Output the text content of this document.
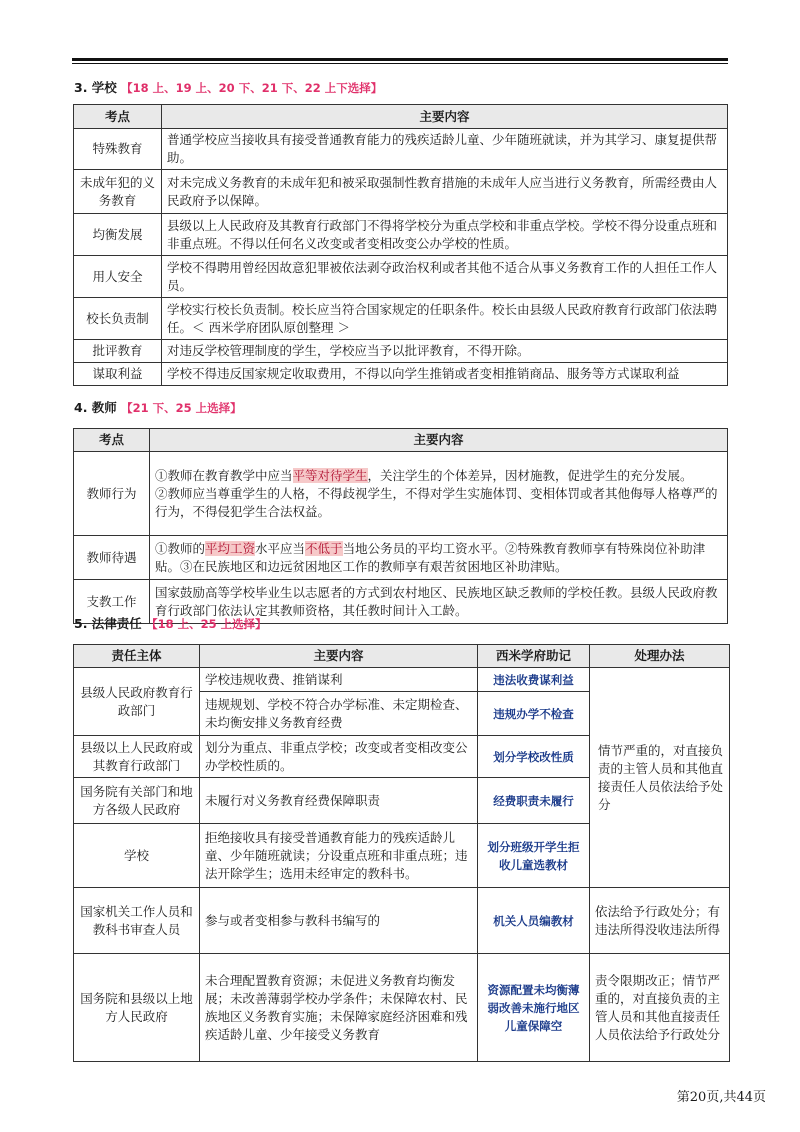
3. 学校 【18 上、19 上、20 下、21 下、22 上下选择】
考点	主要内容
特殊教育	普通学校应当接收具有接受普通教育能力的残疾适龄儿童、少年随班就读，并为其学习、康复提供帮助。
未成年犯的义务教育	对未完成义务教育的未成年犯和被采取强制性教育措施的未成年人应当进行义务教育，所需经费由人民政府予以保障。
均衡发展	县级以上人民政府及其教育行政部门不得将学校分为重点学校和非重点学校。学校不得分设重点班和非重点班。不得以任何名义改变或者变相改变公办学校的性质。
用人安全	学校不得聘用曾经因故意犯罪被依法剥夺政治权利或者其他不适合从事义务教育工作的人担任工作人员。
校长负责制	学校实行校长负责制。校长应当符合国家规定的任职条件。校长由县级人民政府教育行政部门依法聘任。＜ 西米学府团队原创整理 ＞
批评教育	对违反学校管理制度的学生，学校应当予以批评教育，不得开除。
谋取利益	学校不得违反国家规定收取费用，不得以向学生推销或者变相推销商品、服务等方式谋取利益
4. 教师 【21 下、25 上选择】
考点	主要内容
教师行为	①教师在教育教学中应当平等对待学生，关注学生的个体差异，因材施教，促进学生的充分发展。
②教师应当尊重学生的人格，不得歧视学生，不得对学生实施体罚、变相体罚或者其他侮辱人格尊严的行为，不得侵犯学生合法权益。

教师待遇	①教师的平均工资水平应当不低于当地公务员的平均工资水平。②特殊教育教师享有特殊岗位补助津贴。③在民族地区和边远贫困地区工作的教师享有艰苦贫困地区补助津贴。
支教工作	国家鼓励高等学校毕业生以志愿者的方式到农村地区、民族地区缺乏教师的学校任教。县级人民政府教育行政部门依法认定其教师资格，其任教时间计入工龄。
5. 法律责任 【18 上、25 上选择】
责任主体	主要内容	西米学府助记	处理办法
县级人民政府教育行政部门	学校违规收费、推销谋利	违法收费谋利益	情节严重的，对直接负责的主管人员和其他直接责任人员依法给予处分
	违规规划、学校不符合办学标准、未定期检查、未均衡安排义务教育经费	违规办学不检查	
县级以上人民政府或其教育行政部门	划分为重点、非重点学校；改变或者变相改变公办学校性质的。	划分学校改性质	
国务院有关部门和地方各级人民政府	未履行对义务教育经费保障职责	经费职责未履行	
学校	拒绝接收具有接受普通教育能力的残疾适龄儿童、少年随班就读；分设重点班和非重点班；违法开除学生；选用未经审定的教科书。	划分班级开学生拒收儿童选教材	
国家机关工作人员和教科书审查人员	参与或者变相参与教科书编写的	机关人员编教材	依法给予行政处分；有违法所得没收违法所得
国务院和县级以上地方人民政府	未合理配置教育资源；未促进义务教育均衡发展；未改善薄弱学校办学条件；未保障农村、民族地区义务教育实施；未保障家庭经济困难和残疾适龄儿童、少年接受义务教育	资源配置未均衡薄弱改善未施行地区儿童保障空	责令限期改正；情节严重的，对直接负责的主管人员和其他直接责任人员依法给予行政处分
第20页,共44页
